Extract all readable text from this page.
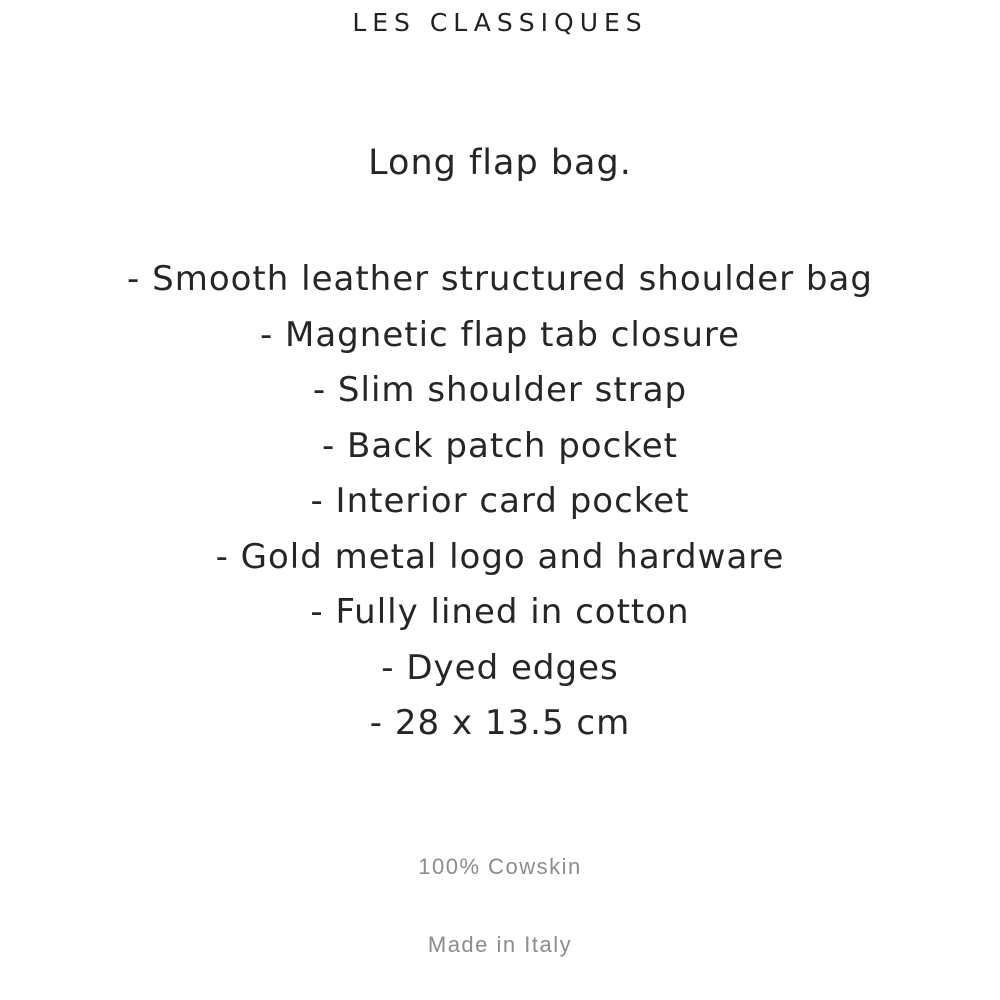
LES CLASSIQUES
Long flap bag.
- Smooth leather structured shoulder bag
- Magnetic flap tab closure
- Slim shoulder strap
- Back patch pocket
- Interior card pocket
- Gold metal logo and hardware
- Fully lined in cotton
- Dyed edges
- 28 x 13.5 cm
100% Cowskin
Made in Italy
